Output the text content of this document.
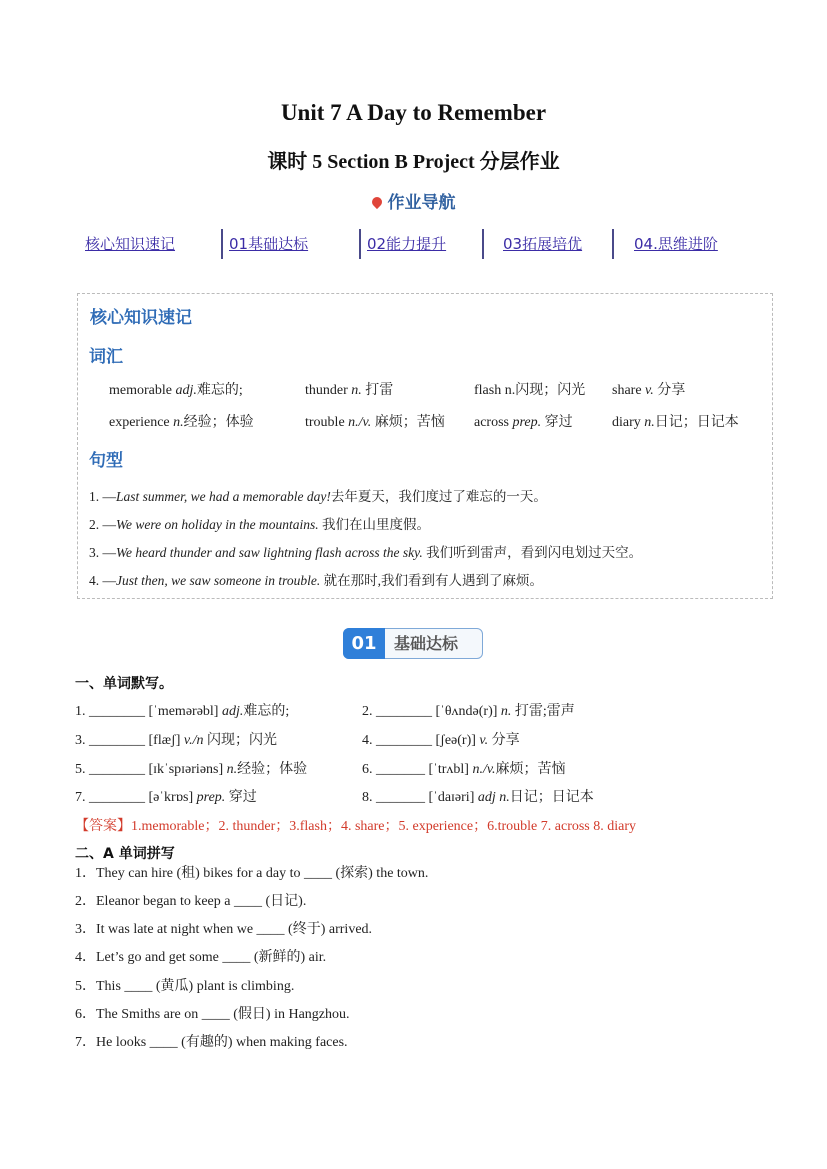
Unit 7 A Day to Remember
课时 5 Section B Project 分层作业
作业导航
核心知识速记	01基础达标	02能力提升	03拓展培优	04.思维进阶
核心知识速记
词汇
memorable adj.难忘的;	thunder n. 打雷	flash n.闪现；闪光 share v. 分享
experience n.经验；体验	trouble n./v. 麻烦；苦恼 across prep. 穿过	diary n.日记；日记本
句型
1. —Last summer, we had a memorable day!去年夏天，我们度过了难忘的一天。
2. —We were on holiday in the mountains. 我们在山里度假。
3. —We heard thunder and saw lightning flash across the sky. 我们听到雷声，看到闪电划过天空。
4. —Just then, we saw someone in trouble. 就在那时,我们看到有人遇到了麻烦。
01	基础达标
一、单词默写。
1. ________ [ˈmemərəbl] adj.难忘的;	2. ________ [ˈθʌndə(r)] n. 打雷;雷声
3. ________ [flæʃ] v./n 闪现；闪光	4. ________ [ʃeə(r)] v. 分享
5. ________ [ɪkˈspɪəriəns] n.经验；体验	6. _______ [ˈtrʌbl] n./v.麻烦；苦恼
7. ________ [əˈkrɒs] prep. 穿过	8. _______ [ˈdaɪəri] adj n.日记；日记本
【答案】1.memorable；2. thunder；3.flash；4. share；5. experience；6.trouble 7. across 8. diary
二、A 单词拼写
1．They can hire (租) bikes for a day to ____ (探索) the town.
2．Eleanor began to keep a ____ (日记).
3．It was late at night when we ____ (终于) arrived.
4．Let’s go and get some ____ (新鲜的) air.
5．This ____ (黄瓜) plant is climbing.
6．The Smiths are on ____ (假日) in Hangzhou.
7．He looks ____ (有趣的) when making faces.
